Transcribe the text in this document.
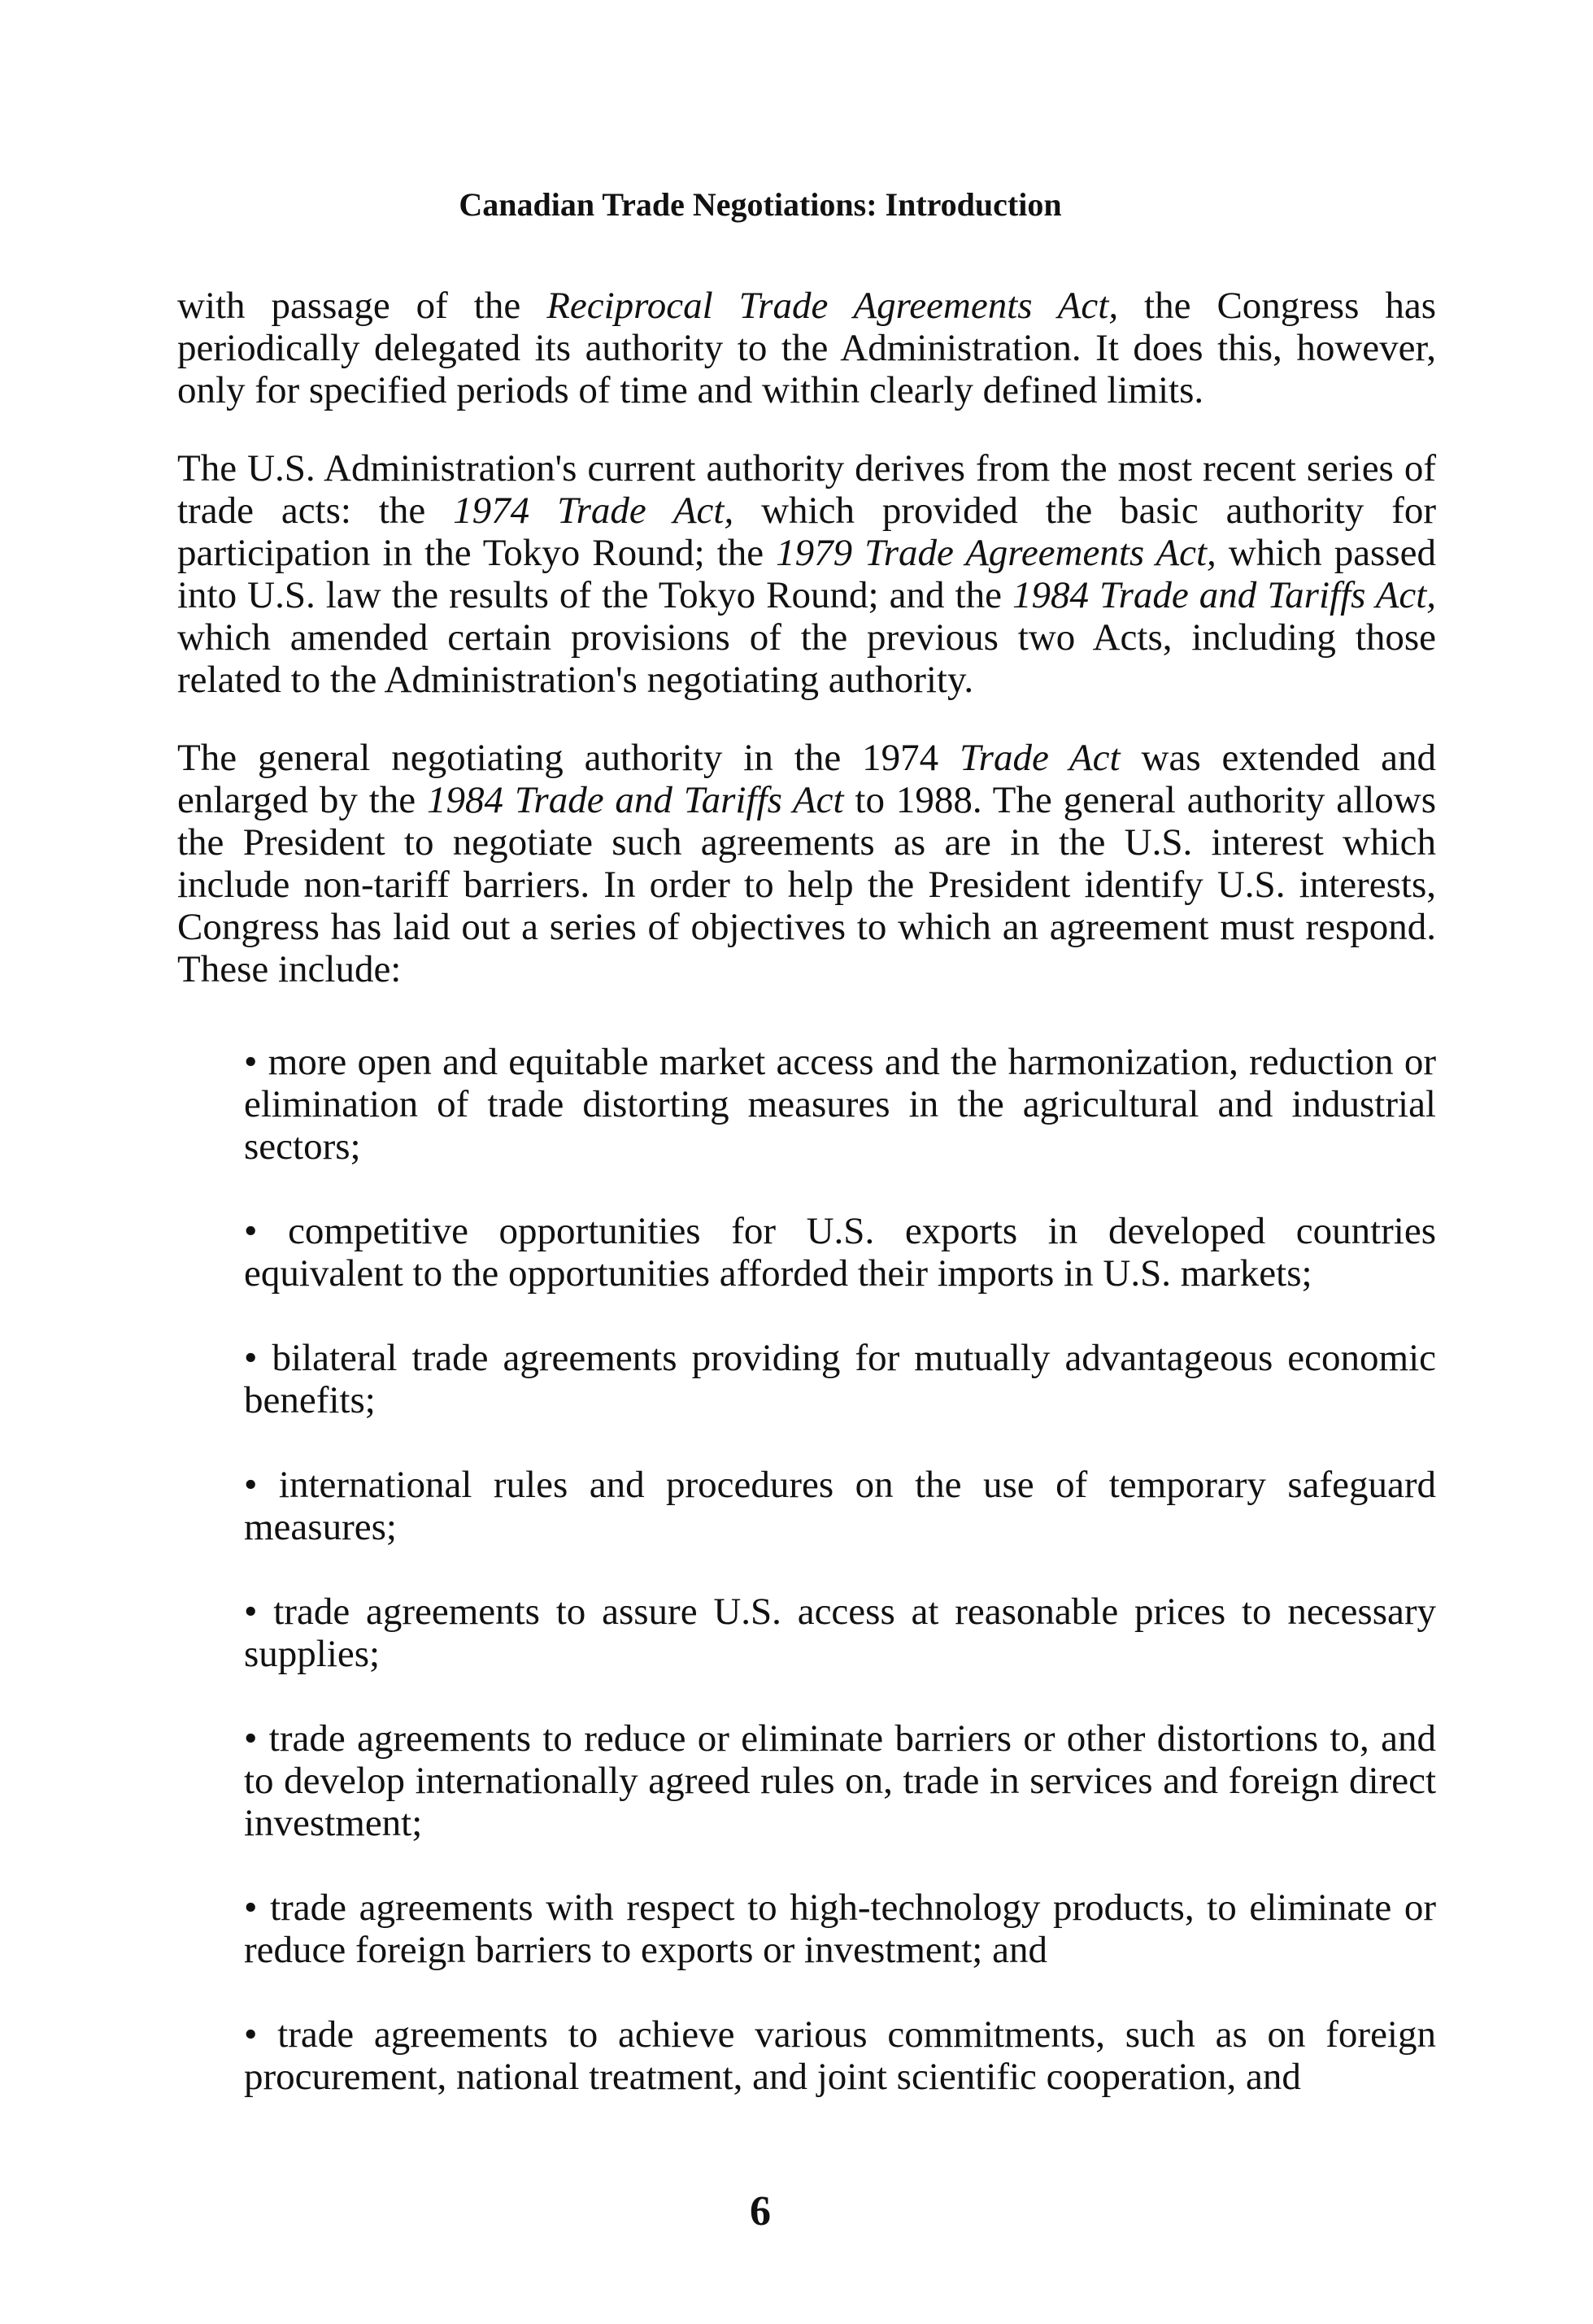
Canadian Trade Negotiations: Introduction

with passage of the Reciprocal Trade Agreements Act, the Congress has periodically delegated its authority to the Administration. It does this, however, only for specified periods of time and within clearly defined limits.

The U.S. Administration's current authority derives from the most recent series of trade acts: the 1974 Trade Act, which provided the basic authority for participation in the Tokyo Round; the 1979 Trade Agreements Act, which passed into U.S. law the results of the Tokyo Round; and the 1984 Trade and Tariffs Act, which amended certain provisions of the previous two Acts, including those related to the Administration's negotiating authority.

The general negotiating authority in the 1974 Trade Act was extended and enlarged by the 1984 Trade and Tariffs Act to 1988. The general authority allows the President to negotiate such agreements as are in the U.S. interest which include non-tariff barriers. In order to help the President identify U.S. interests, Congress has laid out a series of objectives to which an agreement must respond. These include:

• more open and equitable market access and the harmonization, reduction or elimination of trade distorting measures in the agricultural and industrial sectors;
• competitive opportunities for U.S. exports in developed countries equivalent to the opportunities afforded their imports in U.S. markets;
• bilateral trade agreements providing for mutually advantageous economic benefits;
• international rules and procedures on the use of temporary safeguard measures;
• trade agreements to assure U.S. access at reasonable prices to necessary supplies;
• trade agreements to reduce or eliminate barriers or other distortions to, and to develop internationally agreed rules on, trade in services and foreign direct investment;
• trade agreements with respect to high-technology products, to eliminate or reduce foreign barriers to exports or investment; and
• trade agreements to achieve various commitments, such as on foreign procurement, national treatment, and joint scientific cooperation, and
6
